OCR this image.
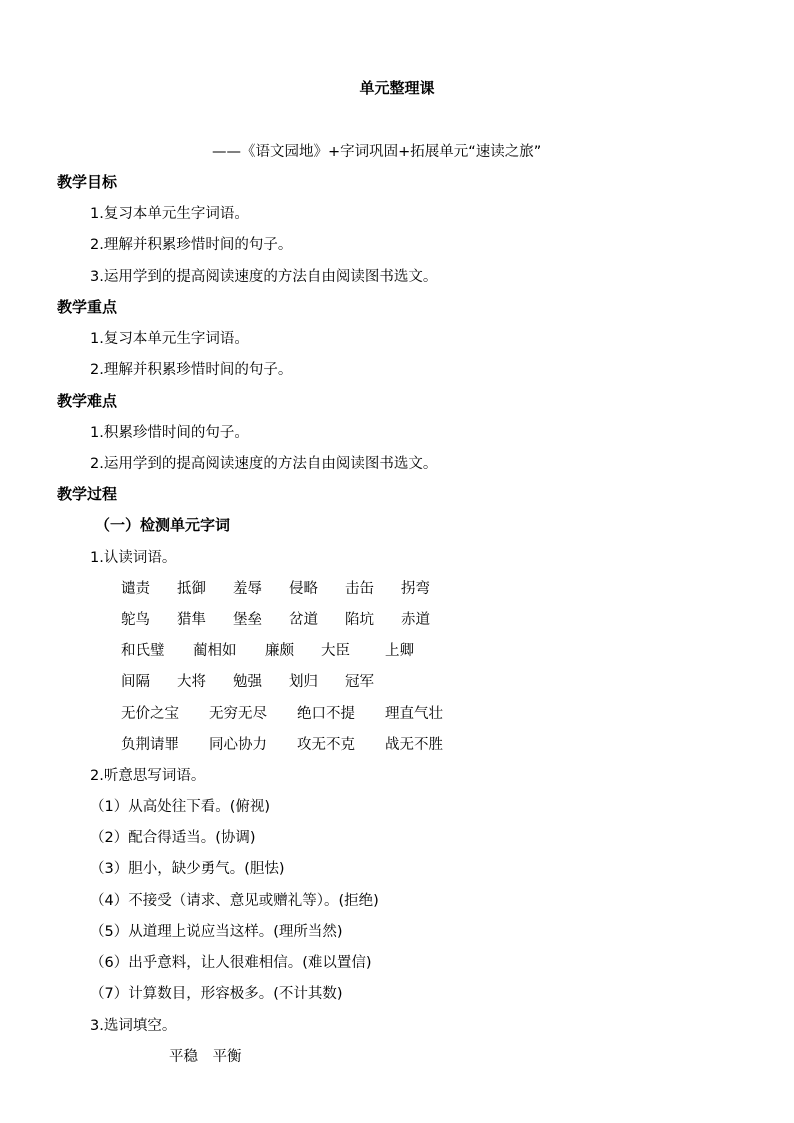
单元整理课
——《语文园地》+字词巩固+拓展单元“速读之旅”
教学目标
1.复习本单元生字词语。
2.理解并积累珍惜时间的句子。
3.运用学到的提高阅读速度的方法自由阅读图书选文。
教学重点
1.复习本单元生字词语。
2.理解并积累珍惜时间的句子。
教学难点
1.积累珍惜时间的句子。
2.运用学到的提高阅读速度的方法自由阅读图书选文。
教学过程
（一）检测单元字词
1.认读词语。
谴责 抵御 羞辱 侵略 击缶 拐弯
鸵鸟 猎隼 堡垒 岔道 陷坑 赤道
和氏璧 蔺相如 廉颇 大臣 上卿
间隔 大将 勉强 划归 冠军
无价之宝 无穷无尽 绝口不提 理直气壮
负荆请罪 同心协力 攻无不克 战无不胜
2.听意思写词语。
（1）从高处往下看。(俯视)
（2）配合得适当。(协调)
（3）胆小，缺少勇气。(胆怯)
（4）不接受（请求、意见或赠礼等）。(拒绝)
（5）从道理上说应当这样。(理所当然)
（6）出乎意料，让人很难相信。(难以置信)
（7）计算数目，形容极多。(不计其数)
3.选词填空。
平稳　平衡
